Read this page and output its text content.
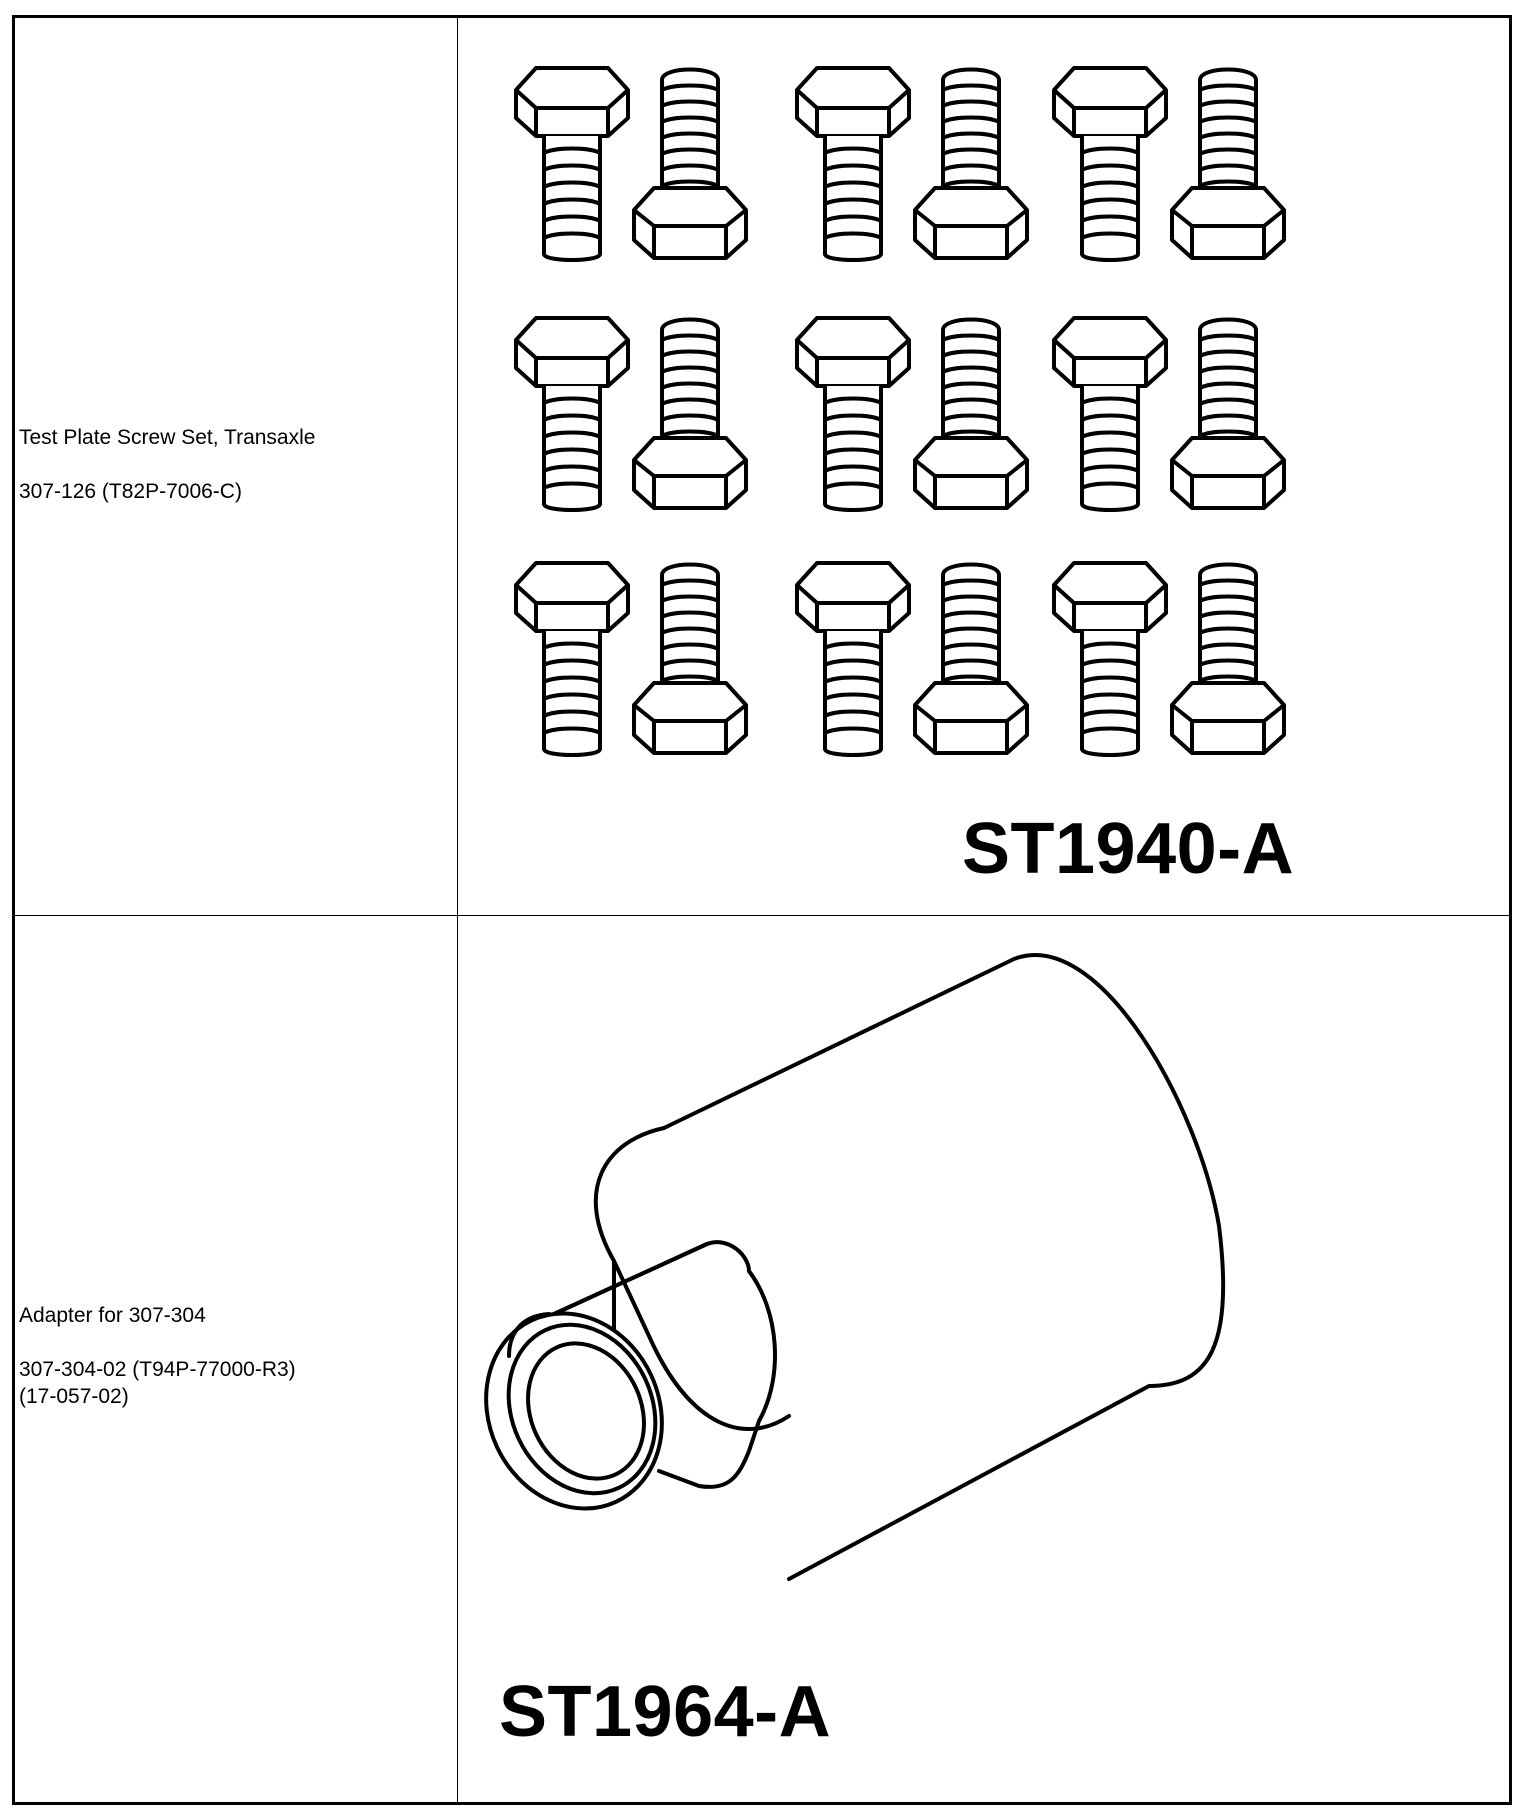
Test Plate Screw Set, Transaxle

307-126 (T82P-7006-C)

ST1940-A

Adapter for 307-304

307-304-02 (T94P-77000-R3)
(17-057-02)

ST1964-A
